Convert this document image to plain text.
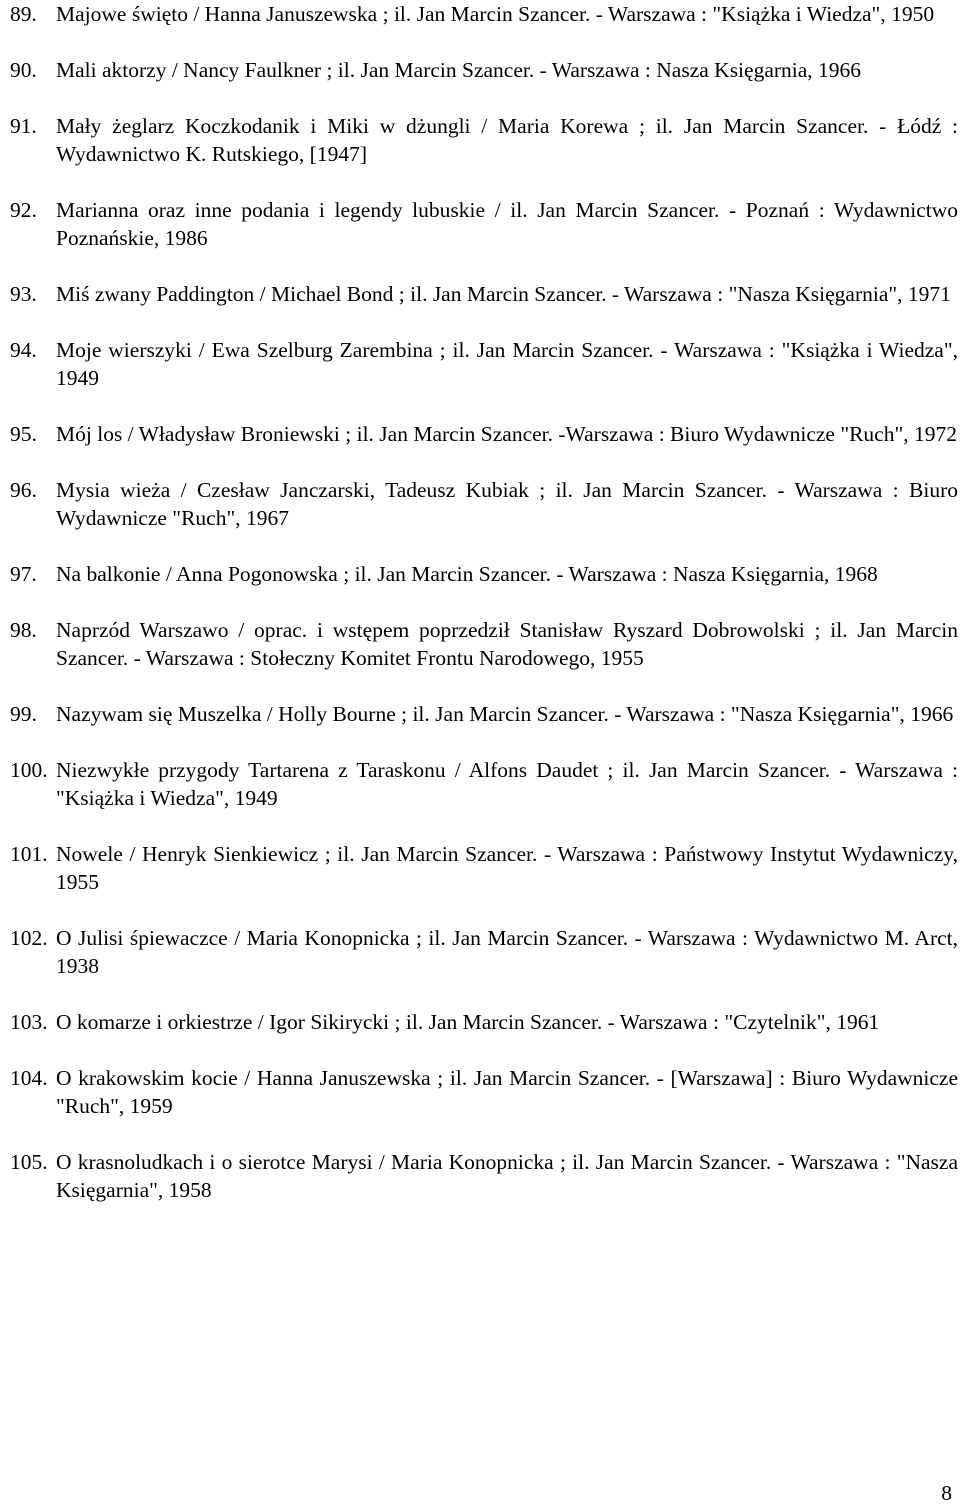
89. Majowe święto / Hanna Januszewska ; il. Jan Marcin Szancer. - Warszawa : "Książka i Wiedza", 1950
90. Mali aktorzy / Nancy Faulkner ; il. Jan Marcin Szancer. - Warszawa : Nasza Księgarnia, 1966
91. Mały żeglarz Koczkodanik i Miki w dżungli / Maria Korewa ; il. Jan Marcin Szancer. - Łódź : Wydawnictwo K. Rutskiego, [1947]
92. Marianna oraz inne podania i legendy lubuskie / il. Jan Marcin Szancer. - Poznań : Wydawnictwo Poznańskie, 1986
93. Miś zwany Paddington / Michael Bond ; il. Jan Marcin Szancer. - Warszawa : "Nasza Księgarnia", 1971
94. Moje wierszyki / Ewa Szelburg Zarembina ; il. Jan Marcin Szancer. - Warszawa : "Książka i Wiedza", 1949
95. Mój los / Władysław Broniewski ; il. Jan Marcin Szancer. -Warszawa : Biuro Wydawnicze "Ruch", 1972
96. Mysia wieża / Czesław Janczarski, Tadeusz Kubiak ; il. Jan Marcin Szancer. - Warszawa : Biuro Wydawnicze "Ruch", 1967
97. Na balkonie / Anna Pogonowska ; il. Jan Marcin Szancer. - Warszawa : Nasza Księgarnia, 1968
98. Naprzód Warszawo / oprac. i wstępem poprzedził Stanisław Ryszard Dobrowolski ; il. Jan Marcin Szancer. - Warszawa : Stołeczny Komitet Frontu Narodowego, 1955
99. Nazywam się Muszelka / Holly Bourne ; il. Jan Marcin Szancer. - Warszawa : "Nasza Księgarnia", 1966
100. Niezwykłe przygody Tartarena z Taraskonu / Alfons Daudet ; il. Jan Marcin Szancer. - Warszawa : "Książka i Wiedza", 1949
101. Nowele / Henryk Sienkiewicz ; il. Jan Marcin Szancer. - Warszawa : Państwowy Instytut Wydawniczy, 1955
102. O Julisi śpiewaczce / Maria Konopnicka ; il. Jan Marcin Szancer. - Warszawa : Wydawnictwo M. Arct, 1938
103. O komarze i orkiestrze / Igor Sikirycki ; il. Jan Marcin Szancer. - Warszawa : "Czytelnik", 1961
104. O krakowskim kocie / Hanna Januszewska ; il. Jan Marcin Szancer. - [Warszawa] : Biuro Wydawnicze "Ruch", 1959
105. O krasnoludkach i o sierotce Marysi / Maria Konopnicka ; il. Jan Marcin Szancer. - Warszawa : "Nasza Księgarnia", 1958
8
